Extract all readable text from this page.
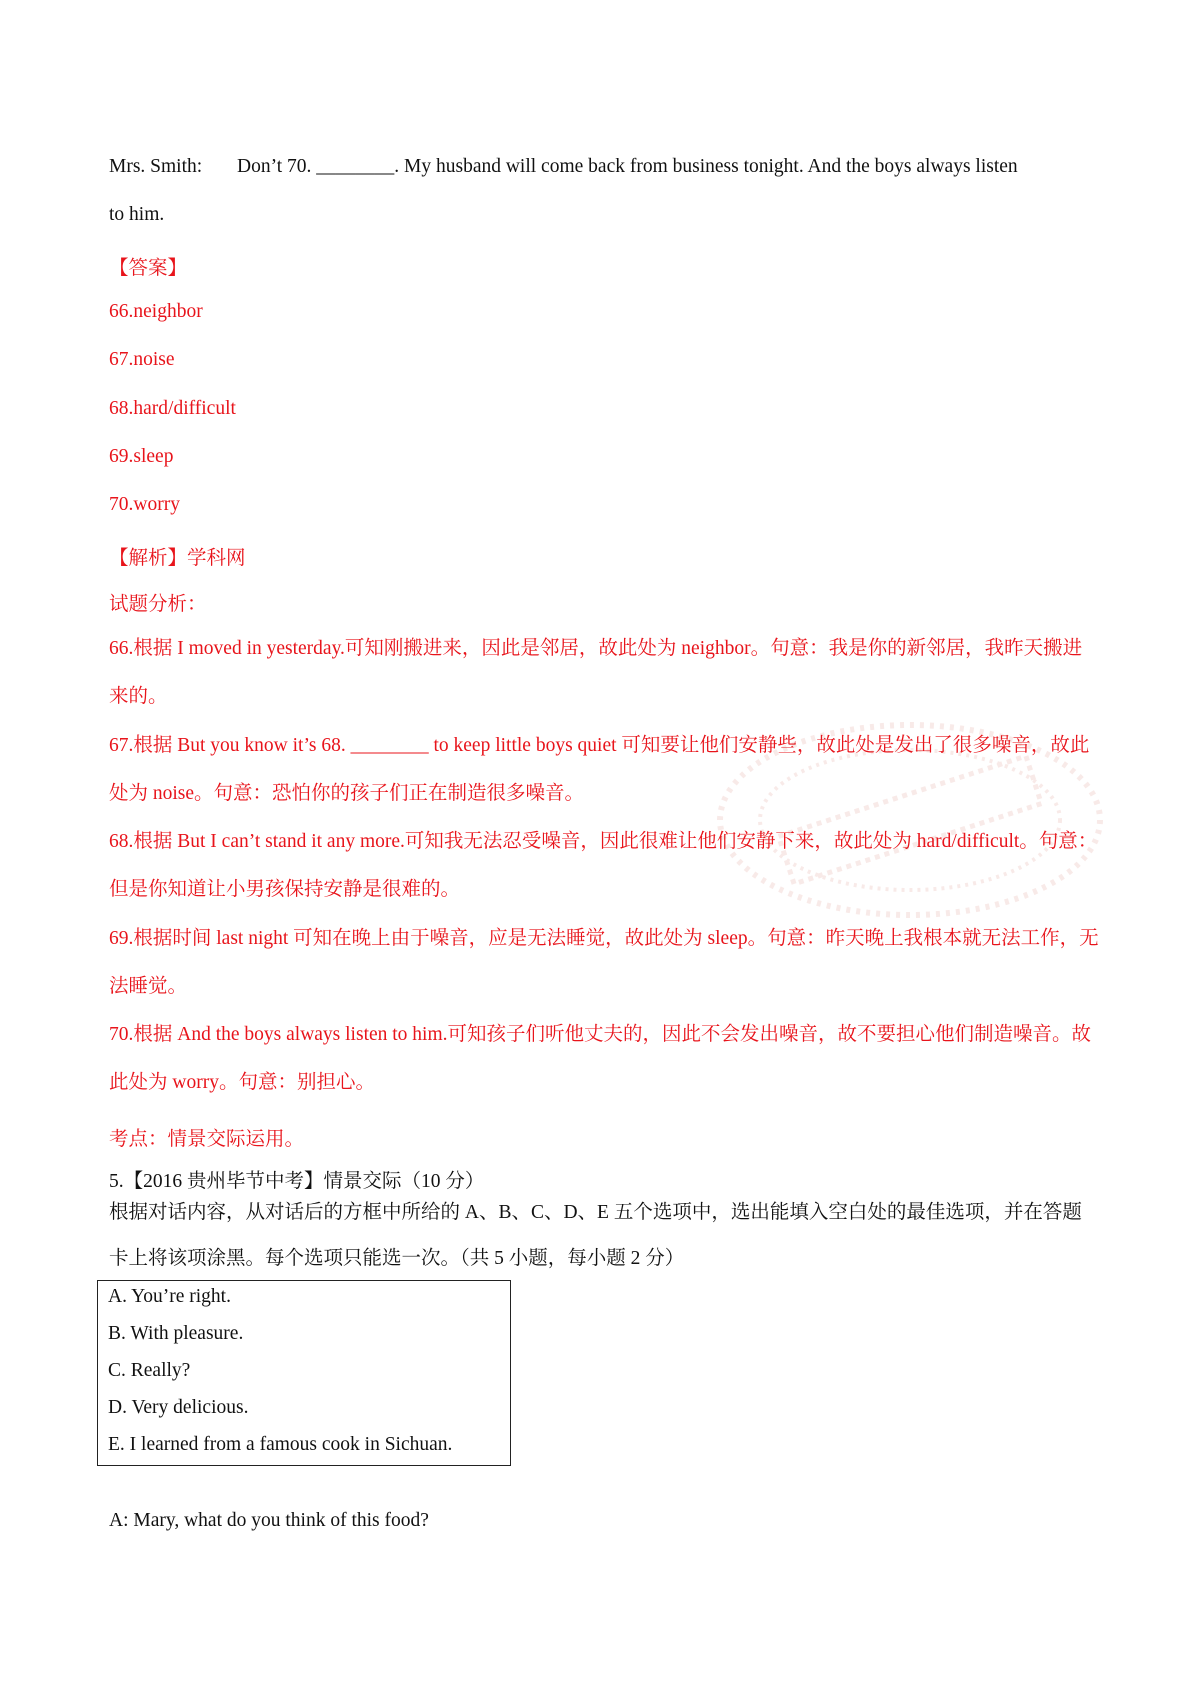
Mrs. Smith: Don’t 70. ________. My husband will come back from business tonight. And the boys always listen
to him.
【答案】
66.neighbor
67.noise
68.hard/difficult
69.sleep
70.worry
【解析】学科网
试题分析：
66.根据 I moved in yesterday.可知刚搬进来，因此是邻居，故此处为 neighbor。句意：我是你的新邻居，我昨天搬进来的。
67.根据 But you know it’s 68. ________ to keep little boys quiet 可知要让他们安静些，故此处是发出了很多噪音，故此处为 noise。句意：恐怕你的孩子们正在制造很多噪音。
68.根据 But I can’t stand it any more.可知我无法忍受噪音，因此很难让他们安静下来，故此处为 hard/difficult。句意：但是你知道让小男孩保持安静是很难的。
69.根据时间 last night 可知在晚上由于噪音，应是无法睡觉，故此处为 sleep。句意：昨天晚上我根本就无法工作，无法睡觉。
70.根据 And the boys always listen to him.可知孩子们听他丈夫的，因此不会发出噪音，故不要担心他们制造噪音。故此处为 worry。句意：别担心。
考点：情景交际运用。
5.【2016 贵州毕节中考】情景交际（10 分）
根据对话内容，从对话后的方框中所给的 A、B、C、D、E 五个选项中，选出能填入空白处的最佳选项，并在答题卡上将该项涂黑。每个选项只能选一次。（共 5 小题，每小题 2 分）
A. You’re right.
B. With pleasure.
C. Really?
D. Very delicious.
E. I learned from a famous cook in Sichuan.
A: Mary, what do you think of this food?
